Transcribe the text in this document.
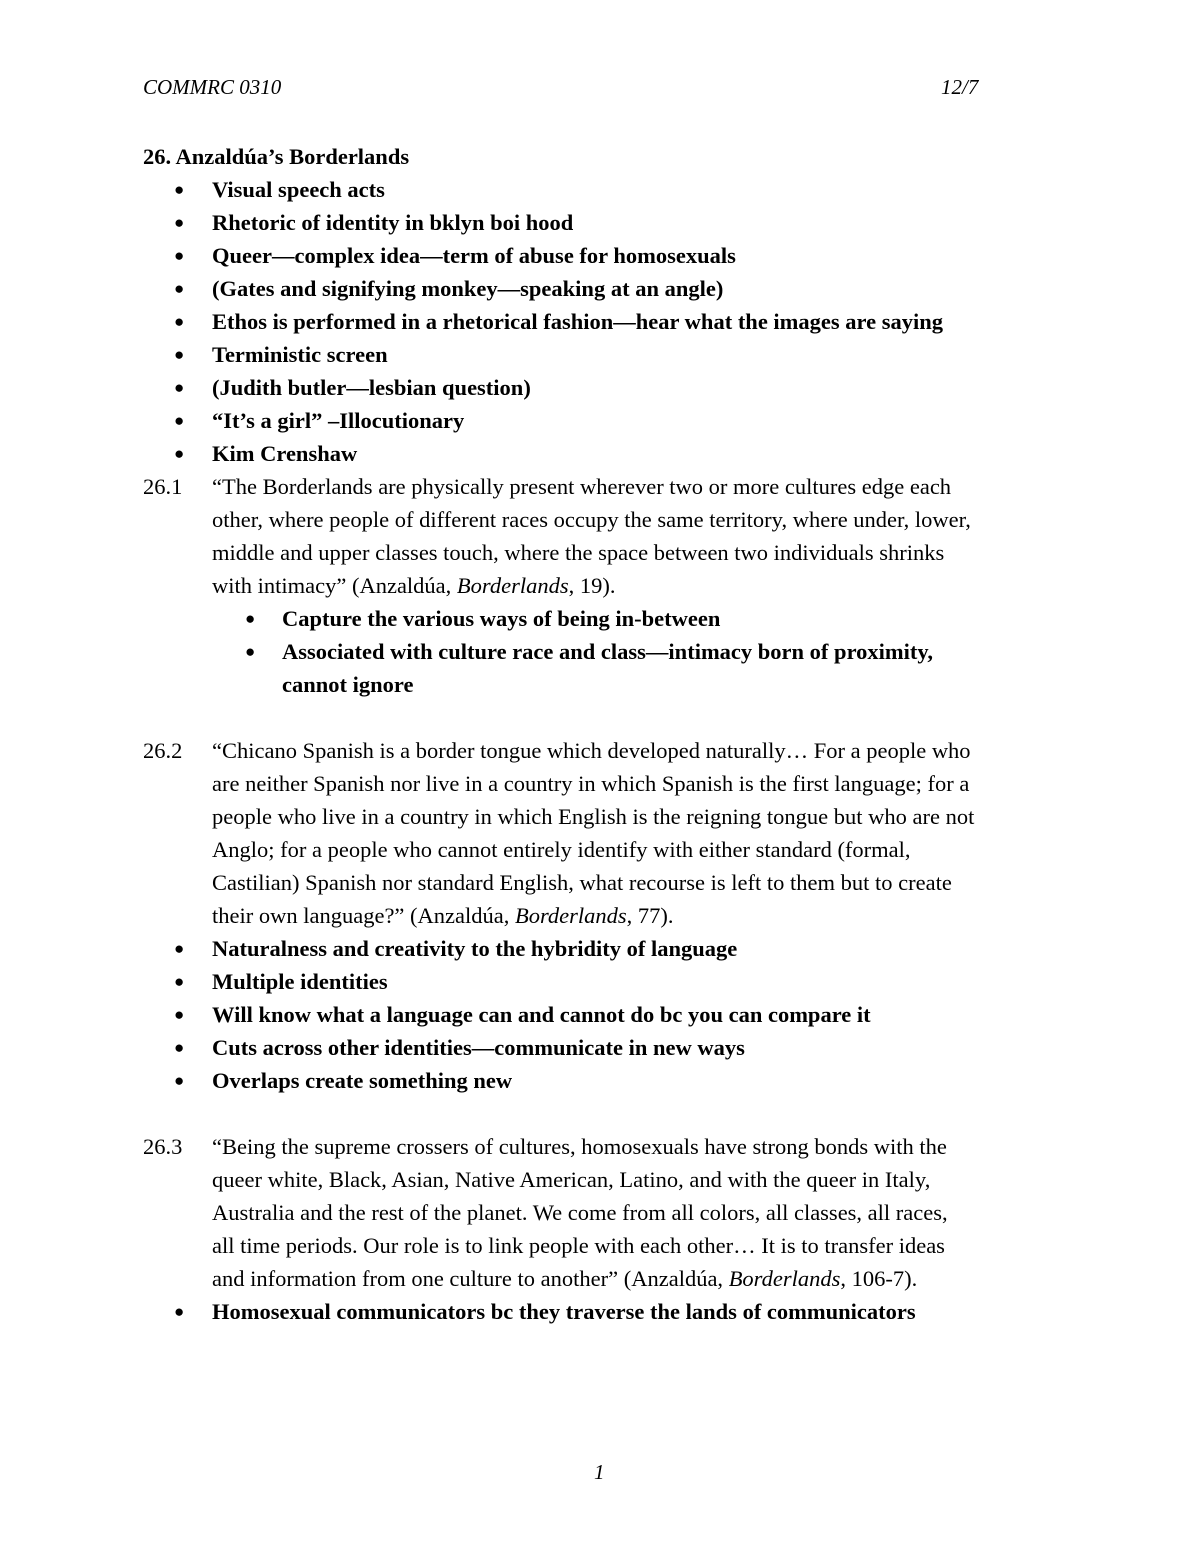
COMMRC 0310	12/7
26. Anzaldúa’s Borderlands
● Visual speech acts
● Rhetoric of identity in bklyn boi hood
● Queer—complex idea—term of abuse for homosexuals
● (Gates and signifying monkey—speaking at an angle)
● Ethos is performed in a rhetorical fashion—hear what the images are saying
● Terministic screen
● (Judith butler—lesbian question)
● “It’s a girl” –Illocutionary
● Kim Crenshaw
26.1 “The Borderlands are physically present wherever two or more cultures edge each
other, where people of different races occupy the same territory, where under, lower,
middle and upper classes touch, where the space between two individuals shrinks
with intimacy” (Anzaldúa, Borderlands, 19).
● Capture the various ways of being in-between
● Associated with culture race and class—intimacy born of proximity,
cannot ignore
26.2 “Chicano Spanish is a border tongue which developed naturally… For a people who
are neither Spanish nor live in a country in which Spanish is the first language; for a
people who live in a country in which English is the reigning tongue but who are not
Anglo; for a people who cannot entirely identify with either standard (formal,
Castilian) Spanish nor standard English, what recourse is left to them but to create
their own language?” (Anzaldúa, Borderlands, 77).
● Naturalness and creativity to the hybridity of language
● Multiple identities
● Will know what a language can and cannot do bc you can compare it
● Cuts across other identities—communicate in new ways
● Overlaps create something new
26.3 “Being the supreme crossers of cultures, homosexuals have strong bonds with the
queer white, Black, Asian, Native American, Latino, and with the queer in Italy,
Australia and the rest of the planet. We come from all colors, all classes, all races,
all time periods. Our role is to link people with each other… It is to transfer ideas
and information from one culture to another” (Anzaldúa, Borderlands, 106-7).
● Homosexual communicators bc they traverse the lands of communicators
1
